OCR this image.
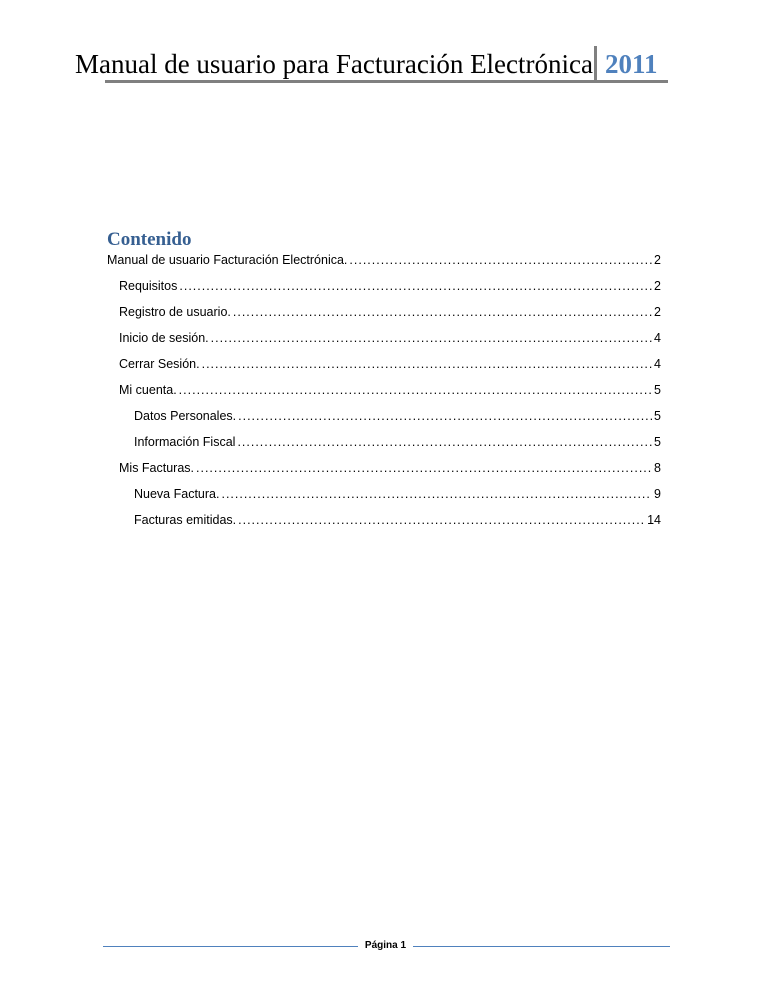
Manual de usuario para Facturación Electrónica 2011
Contenido
Manual de usuario Facturación Electrónica. .....	2
Requisitos .....	2
Registro de usuario. .....	2
Inicio de sesión. .....	4
Cerrar Sesión. .....	4
Mi cuenta. .....	5
Datos Personales. .....	5
Información Fiscal .....	5
Mis Facturas. .....	8
Nueva Factura. .....	9
Facturas emitidas. .....	14
Página 1
